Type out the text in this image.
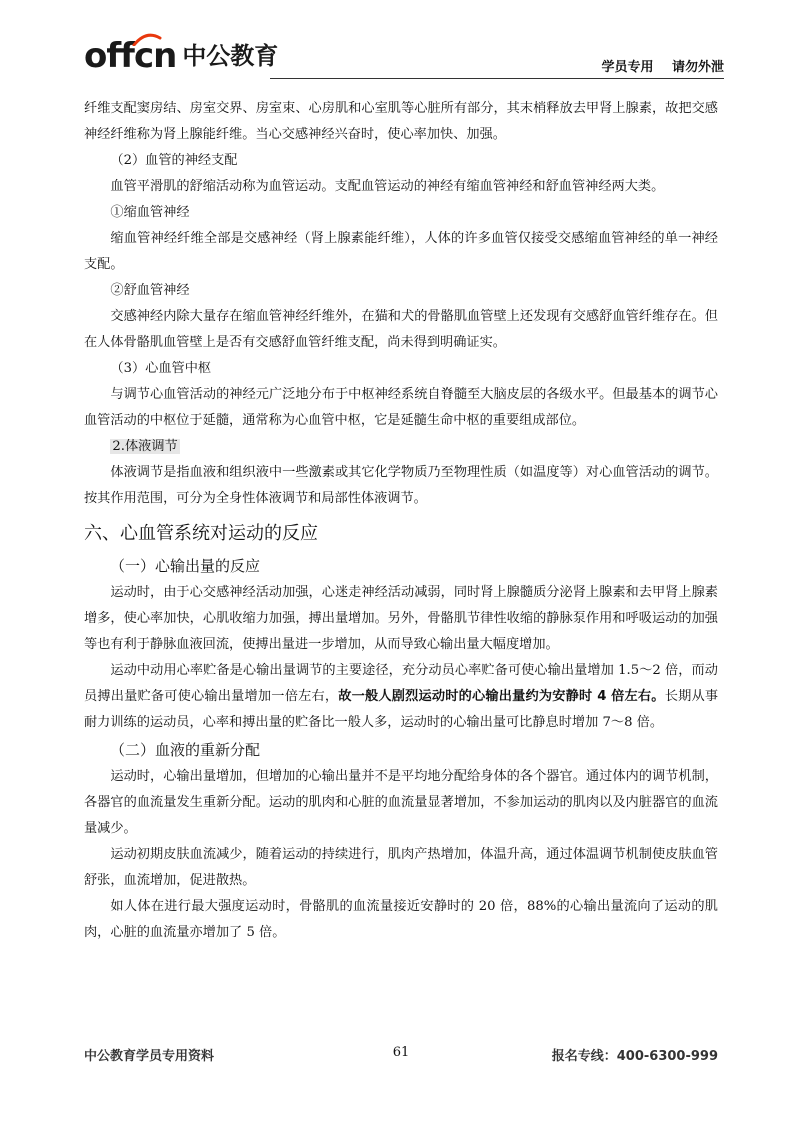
offcn 中公教育	学员专用 请勿外泄

纤维支配窦房结、房室交界、房室束、心房肌和心室肌等心脏所有部分，其末梢释放去甲肾上腺素，故把交感神经纤维称为肾上腺能纤维。当心交感神经兴奋时，使心率加快、加强。

（2）血管的神经支配

血管平滑肌的舒缩活动称为血管运动。支配血管运动的神经有缩血管神经和舒血管神经两大类。

①缩血管神经

缩血管神经纤维全部是交感神经（肾上腺素能纤维），人体的许多血管仅接受交感缩血管神经的单一神经支配。

②舒血管神经

交感神经内除大量存在缩血管神经纤维外，在猫和犬的骨骼肌血管壁上还发现有交感舒血管纤维存在。但在人体骨骼肌血管壁上是否有交感舒血管纤维支配，尚未得到明确证实。

（3）心血管中枢

与调节心血管活动的神经元广泛地分布于中枢神经系统自脊髓至大脑皮层的各级水平。但最基本的调节心血管活动的中枢位于延髓，通常称为心血管中枢，它是延髓生命中枢的重要组成部位。

2.体液调节

体液调节是指血液和组织液中一些激素或其它化学物质乃至物理性质（如温度等）对心血管活动的调节。按其作用范围，可分为全身性体液调节和局部性体液调节。

六、心血管系统对运动的反应
（一）心输出量的反应

运动时，由于心交感神经活动加强，心迷走神经活动减弱，同时肾上腺髓质分泌肾上腺素和去甲肾上腺素增多，使心率加快，心肌收缩力加强，搏出量增加。另外，骨骼肌节律性收缩的静脉泵作用和呼吸运动的加强等也有利于静脉血液回流，使搏出量进一步增加，从而导致心输出量大幅度增加。

运动中动用心率贮备是心输出量调节的主要途径，充分动员心率贮备可使心输出量增加 1.5～2 倍，而动员搏出量贮备可使心输出量增加一倍左右，故一般人剧烈运动时的心输出量约为安静时 4 倍左右。长期从事耐力训练的运动员，心率和搏出量的贮备比一般人多，运动时的心输出量可比静息时增加 7～8 倍。

（二）血液的重新分配

运动时，心输出量增加，但增加的心输出量并不是平均地分配给身体的各个器官。通过体内的调节机制，各器官的血流量发生重新分配。运动的肌肉和心脏的血流量显著增加，不参加运动的肌肉以及内脏器官的血流量减少。

运动初期皮肤血流减少，随着运动的持续进行，肌肉产热增加，体温升高，通过体温调节机制使皮肤血管舒张，血流增加，促进散热。

如人体在进行最大强度运动时，骨骼肌的血流量接近安静时的 20 倍，88%的心输出量流向了运动的肌肉，心脏的血流量亦增加了 5 倍。

中公教育学员专用资料	61	报名专线：400-6300-999
